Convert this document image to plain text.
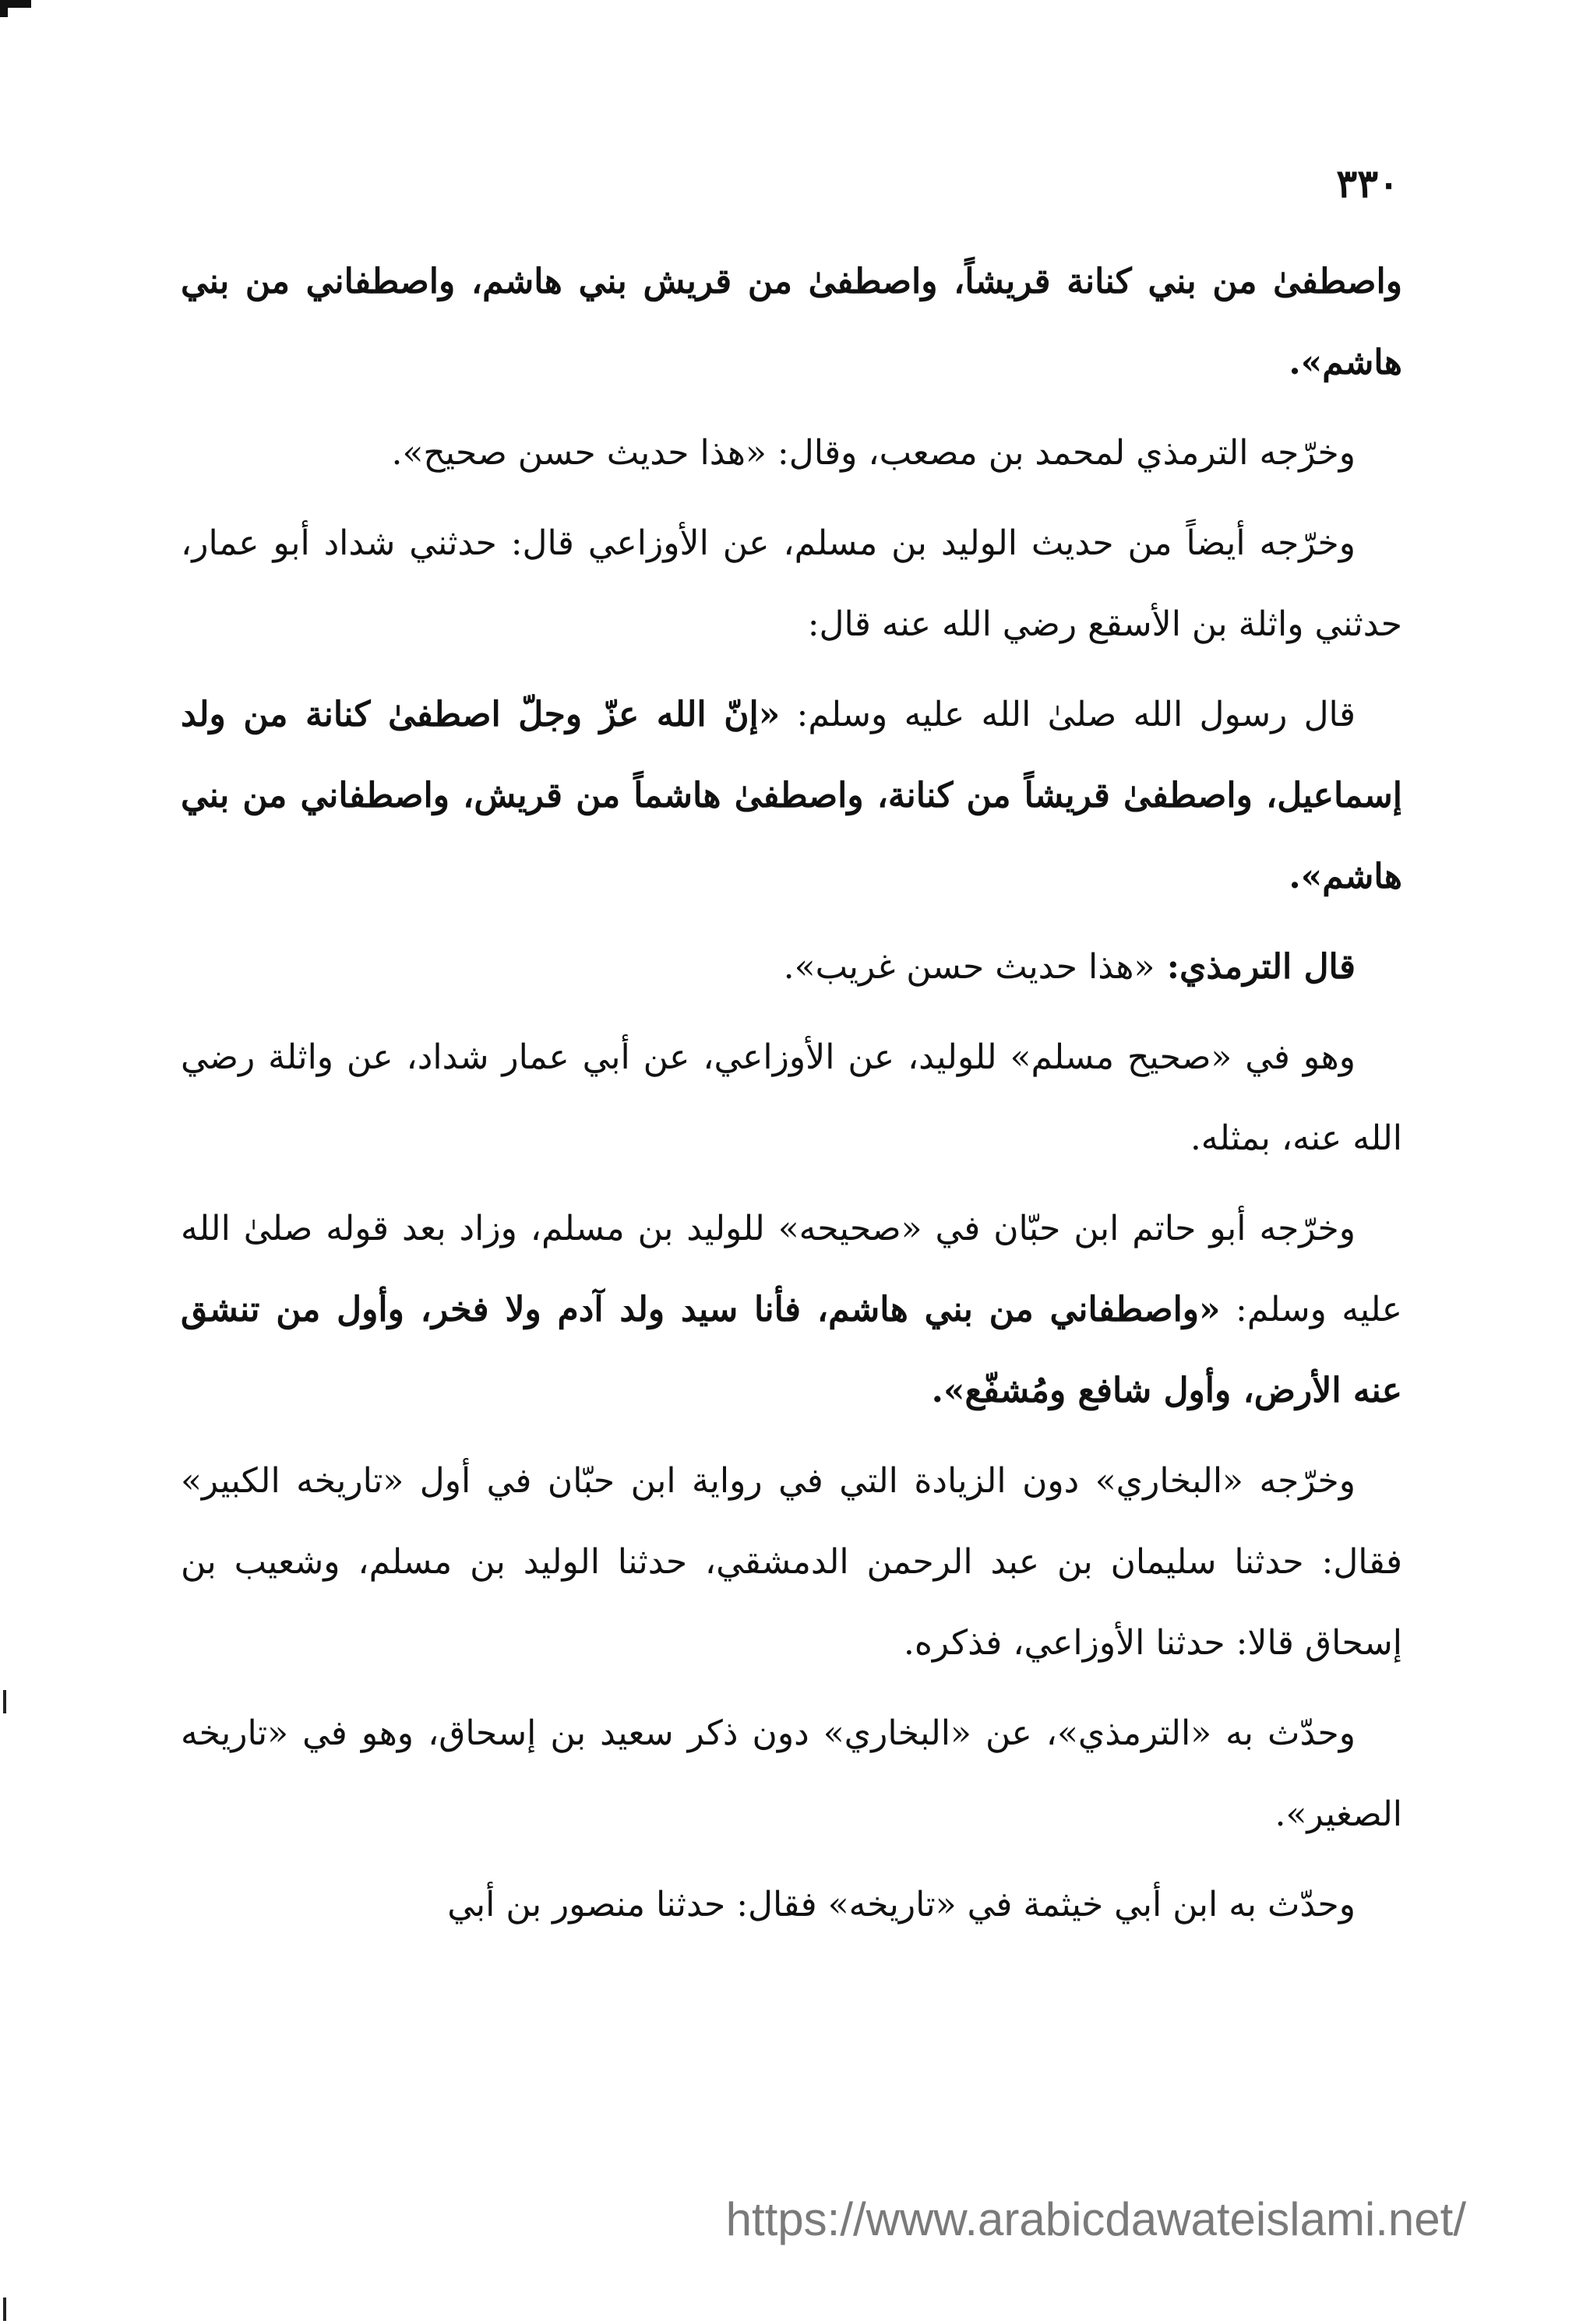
٣٣٠

واصطفىٰ من بني كنانة قريشاً، واصطفىٰ من قريش بني هاشم، واصطفاني من بني هاشم».

وخرّجه الترمذي لمحمد بن مصعب، وقال: «هذا حديث حسن صحيح».

وخرّجه أيضاً من حديث الوليد بن مسلم، عن الأوزاعي قال: حدثني شداد أبو عمار، حدثني واثلة بن الأسقع رضي الله عنه قال:

قال رسول الله صلىٰ الله عليه وسلم: «إنّ الله عزّ وجلّ اصطفىٰ كنانة من ولد إسماعيل، واصطفىٰ قريشاً من كنانة، واصطفىٰ هاشماً من قريش، واصطفاني من بني هاشم».

قال الترمذي: «هذا حديث حسن غريب».

وهو في «صحيح مسلم» للوليد، عن الأوزاعي، عن أبي عمار شداد، عن واثلة رضي الله عنه، بمثله.

وخرّجه أبو حاتم ابن حبّان في «صحيحه» للوليد بن مسلم، وزاد بعد قوله صلىٰ الله عليه وسلم: «واصطفاني من بني هاشم، فأنا سيد ولد آدم ولا فخر، وأول من تنشق عنه الأرض، وأول شافع ومُشفّع».

وخرّجه «البخاري» دون الزيادة التي في رواية ابن حبّان في أول «تاريخه الكبير» فقال: حدثنا سليمان بن عبد الرحمن الدمشقي، حدثنا الوليد بن مسلم، وشعيب بن إسحاق قالا: حدثنا الأوزاعي، فذكره.

وحدّث به «الترمذي»، عن «البخاري» دون ذكر سعيد بن إسحاق، وهو في «تاريخه الصغير».

وحدّث به ابن أبي خيثمة في «تاريخه» فقال: حدثنا منصور بن أبي

https://www.arabicdawateislami.net/
